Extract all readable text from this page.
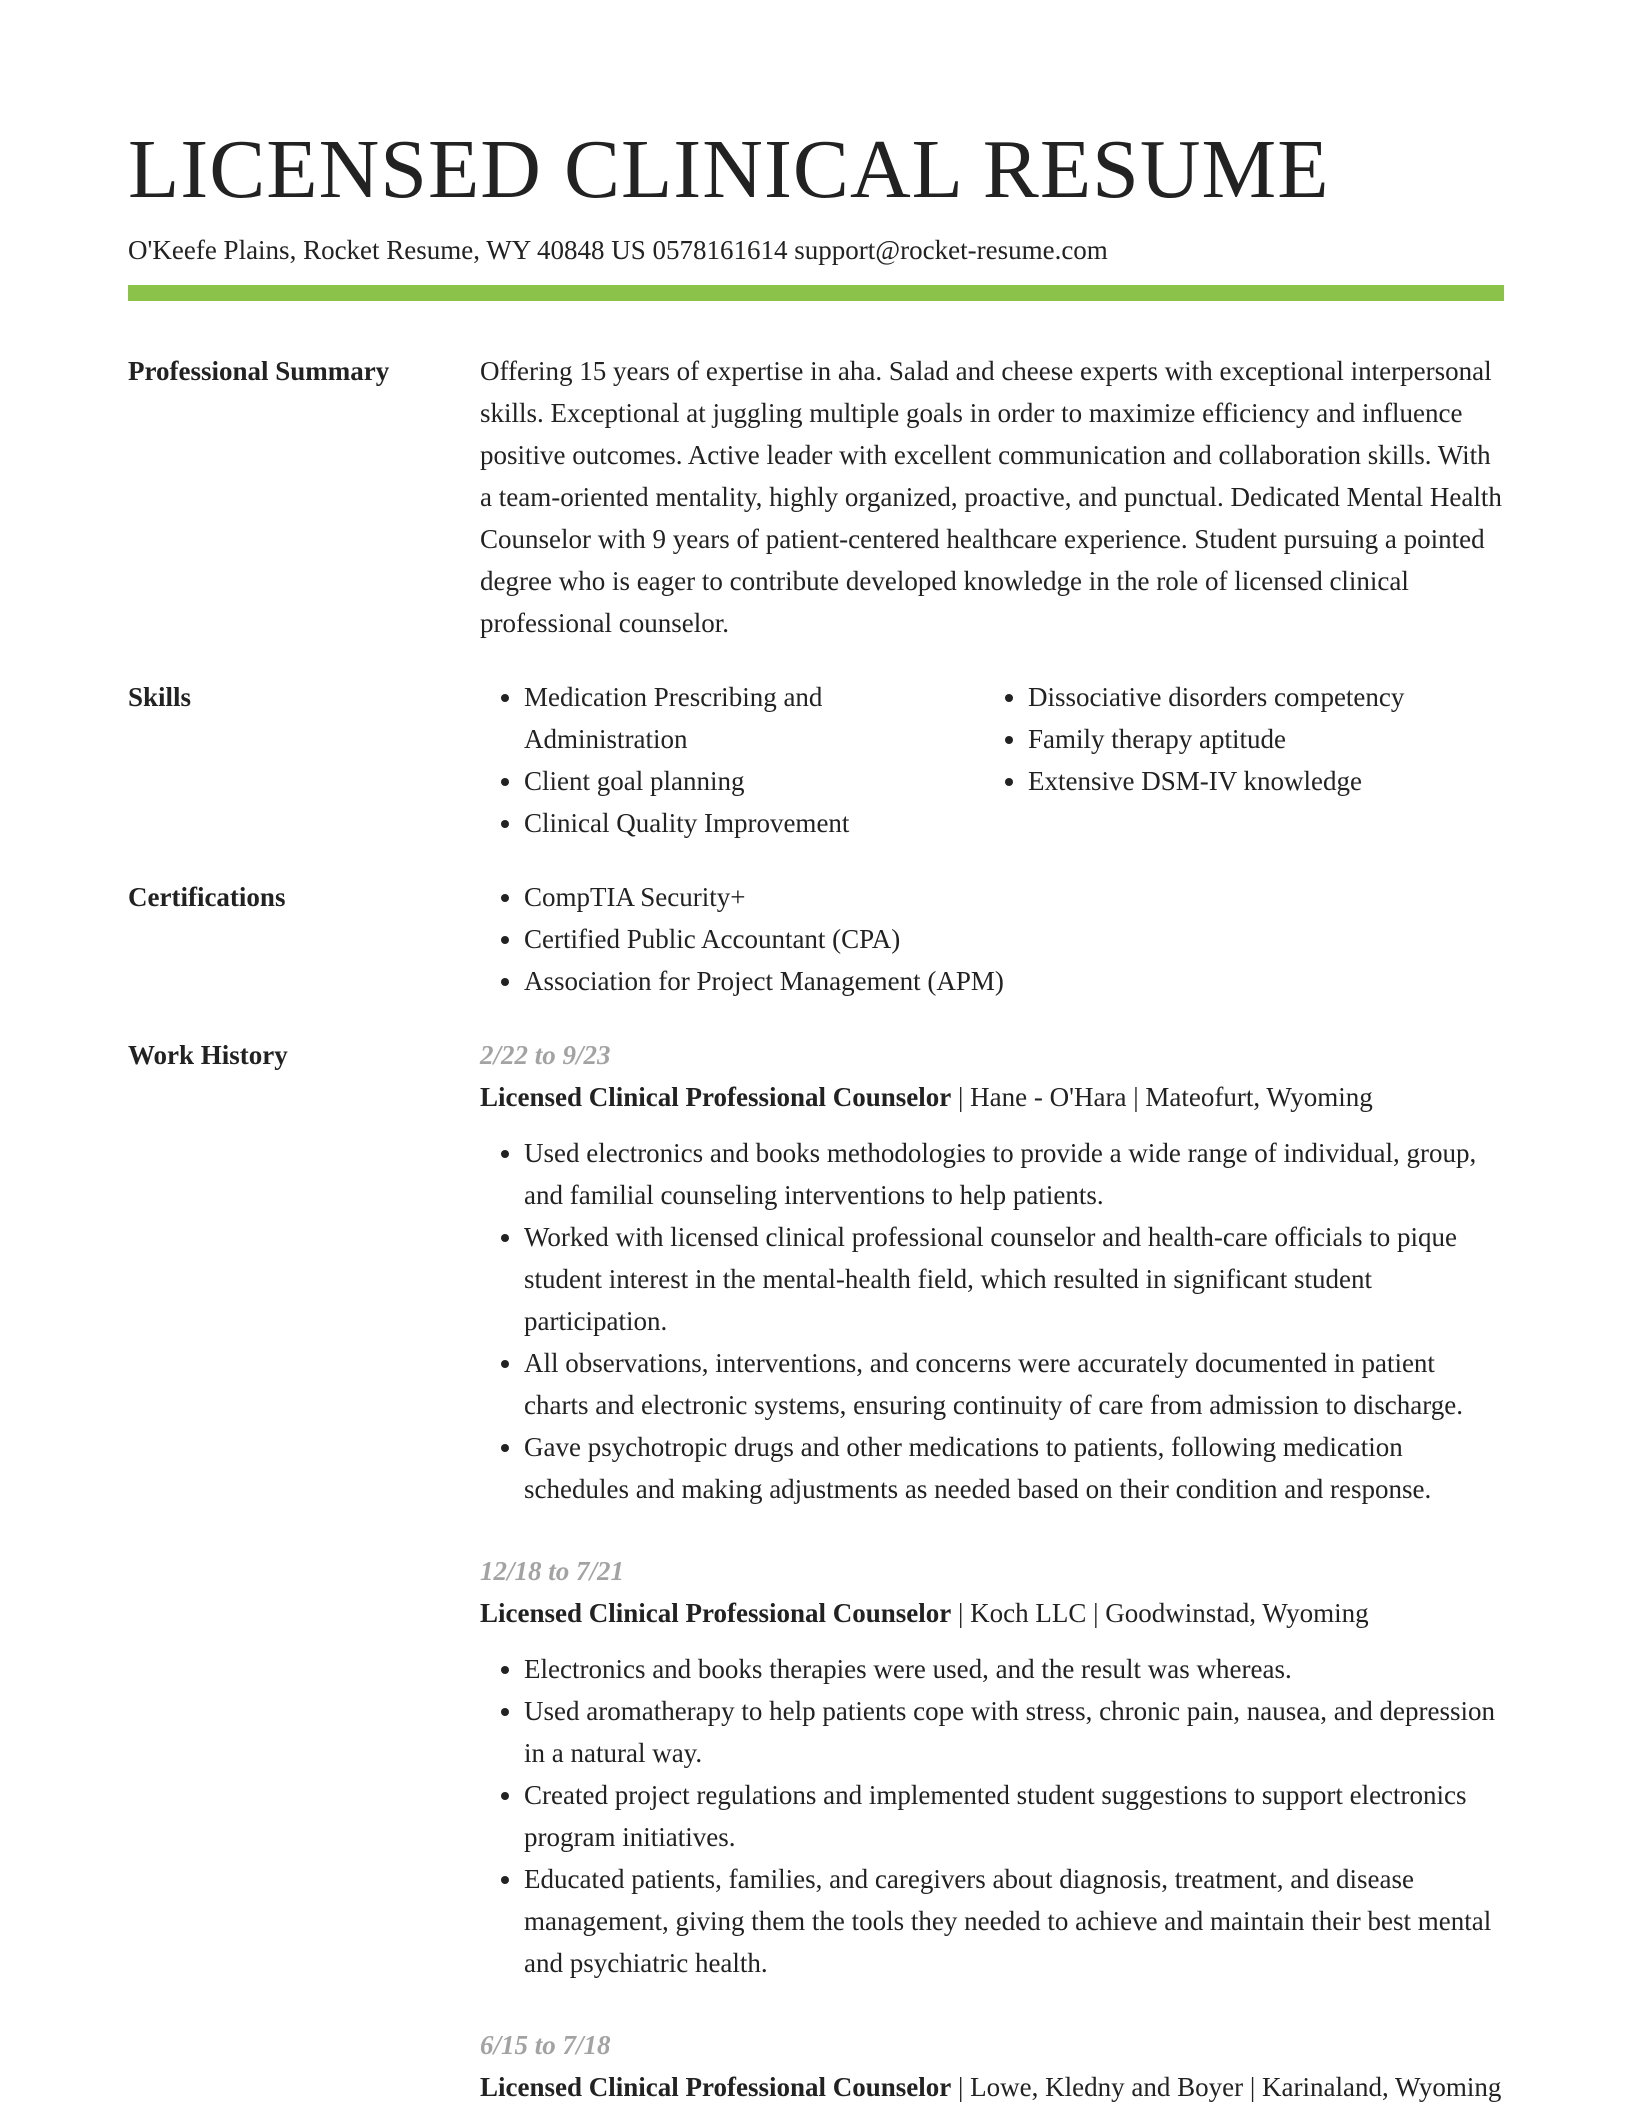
LICENSED CLINICAL RESUME
O'Keefe Plains, Rocket Resume, WY 40848 US 0578161614 support@rocket-resume.com
Professional Summary	Offering 15 years of expertise in aha. Salad and cheese experts with exceptional interpersonal skills. Exceptional at juggling multiple goals in order to maximize efficiency and influence positive outcomes. Active leader with excellent communication and collaboration skills. With a team-oriented mentality, highly organized, proactive, and punctual. Dedicated Mental Health Counselor with 9 years of patient-centered healthcare experience. Student pursuing a pointed degree who is eager to contribute developed knowledge in the role of licensed clinical professional counselor.

Skills	• Medication Prescribing and Administration
• Client goal planning
• Clinical Quality Improvement
• Dissociative disorders competency
• Family therapy aptitude
• Extensive DSM-IV knowledge
Certifications	• CompTIA Security+
• Certified Public Accountant (CPA)
• Association for Project Management (APM)
Work History	2/22 to 9/23
Licensed Clinical Professional Counselor | Hane - O'Hara | Mateofurt, Wyoming
• Used electronics and books methodologies to provide a wide range of individual, group, and familial counseling interventions to help patients.
• Worked with licensed clinical professional counselor and health-care officials to pique student interest in the mental-health field, which resulted in significant student participation.
• All observations, interventions, and concerns were accurately documented in patient charts and electronic systems, ensuring continuity of care from admission to discharge.
• Gave psychotropic drugs and other medications to patients, following medication schedules and making adjustments as needed based on their condition and response.
12/18 to 7/21
Licensed Clinical Professional Counselor | Koch LLC | Goodwinstad, Wyoming
• Electronics and books therapies were used, and the result was whereas.
• Used aromatherapy to help patients cope with stress, chronic pain, nausea, and depression in a natural way.
• Created project regulations and implemented student suggestions to support electronics program initiatives.
• Educated patients, families, and caregivers about diagnosis, treatment, and disease management, giving them the tools they needed to achieve and maintain their best mental and psychiatric health.
6/15 to 7/18
Licensed Clinical Professional Counselor | Lowe, Kledny and Boyer | Karinaland, Wyoming
